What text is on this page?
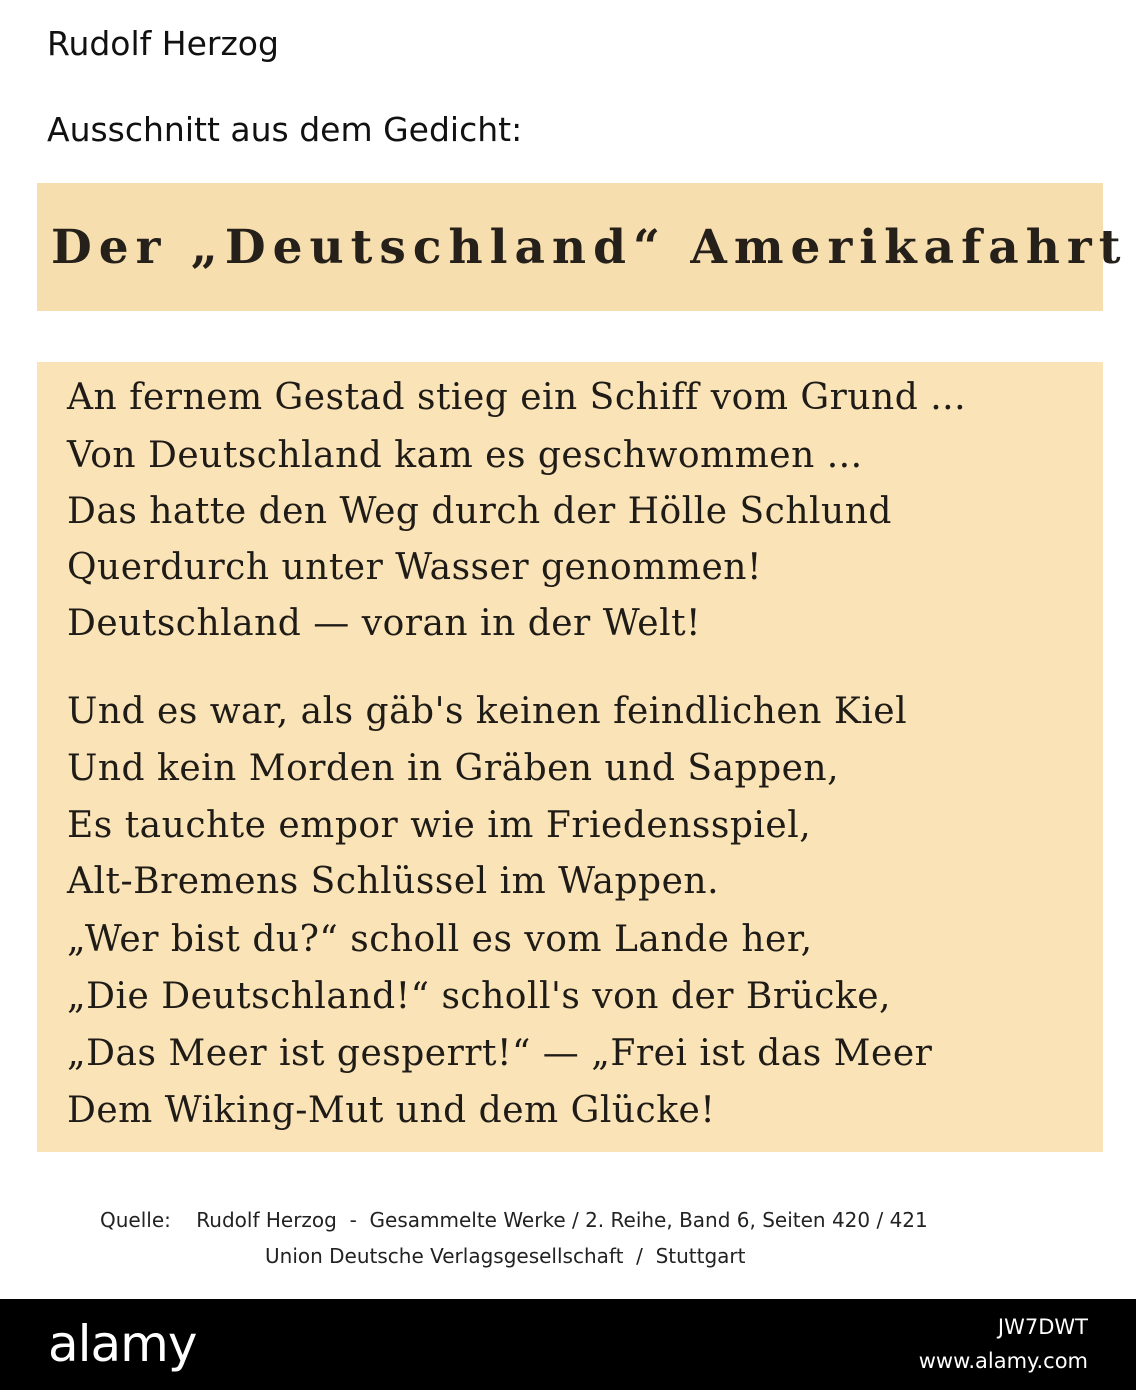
Rudolf Herzog
Ausschnitt aus dem Gedicht:
Der „Deutschland“ Amerikafahrt
An fernem Gestad stieg ein Schiff vom Grund ...
Von Deutschland kam es geschwommen ...
Das hatte den Weg durch der Hölle Schlund
Querdurch unter Wasser genommen!
Deutschland — voran in der Welt!
Und es war, als gäb's keinen feindlichen Kiel
Und kein Morden in Gräben und Sappen,
Es tauchte empor wie im Friedensspiel,
Alt-Bremens Schlüssel im Wappen.
„Wer bist du?“ scholl es vom Lande her,
„Die Deutschland!“ scholl's von der Brücke,
„Das Meer ist gesperrt!“ — „Frei ist das Meer
Dem Wiking-Mut und dem Glücke!
Quelle:    Rudolf Herzog  -  Gesammelte Werke / 2. Reihe, Band 6, Seiten 420 / 421
Union Deutsche Verlagsgesellschaft  /  Stuttgart
alamy	JW7DWT
www.alamy.com
